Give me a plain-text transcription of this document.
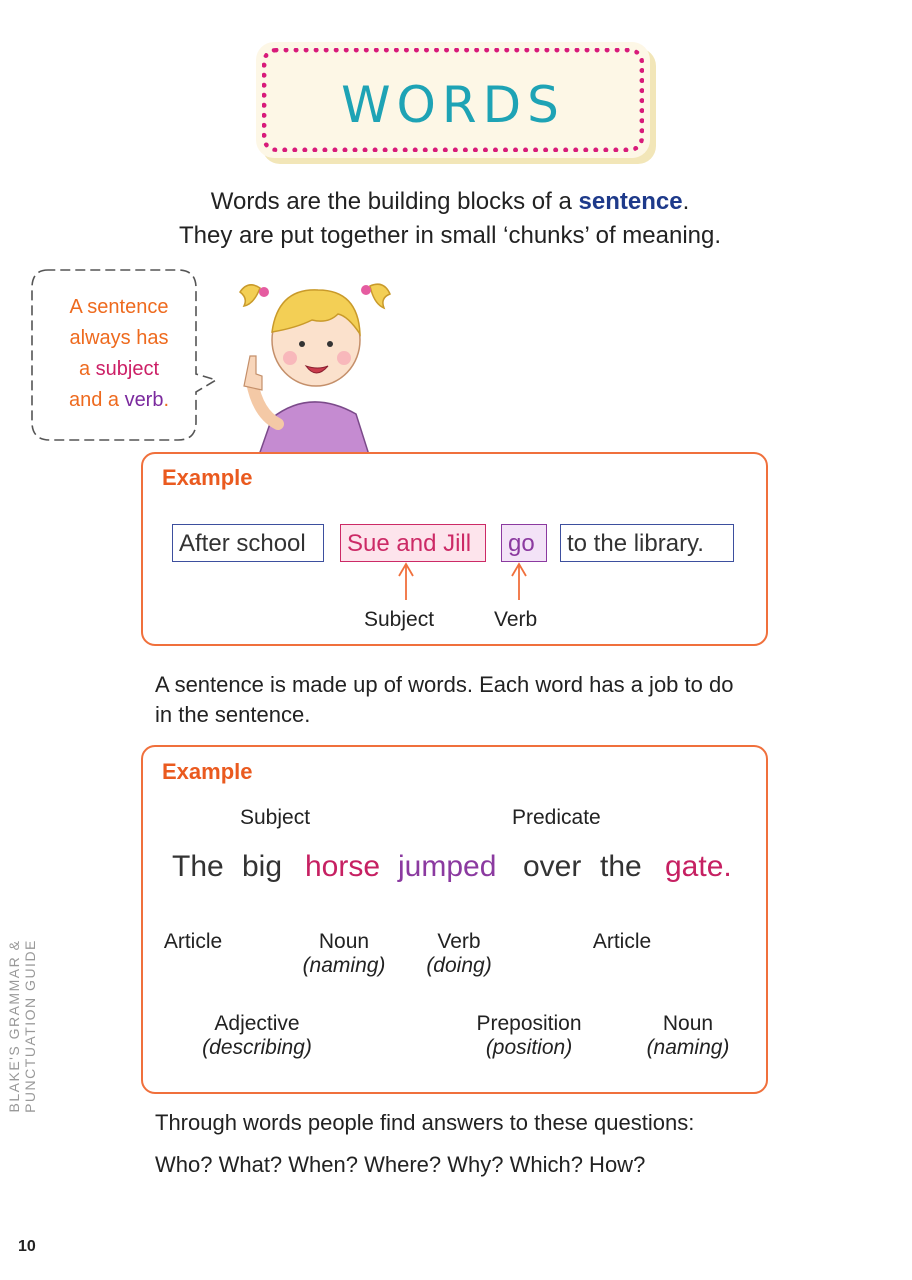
WORDS
Words are the building blocks of a sentence.
They are put together in small ‘chunks’ of meaning.
A sentence
always has
a subject
and a verb.
Example
After school	Sue and Jill	go	to the library.
Subject	Verb
A sentence is made up of words. Each word has a job to do in the sentence.
Example
Subject	Predicate
The big horse jumped over the gate.
Article
Adjective
(describing)
Noun
(naming)
Verb
(doing)
Preposition
(position)
Article
Noun
(naming)
Through words people find answers to these questions:
Who? What? When? Where? Why? Which? How?
BLAKE'S GRAMMAR & PUNCTUATION GUIDE
10
